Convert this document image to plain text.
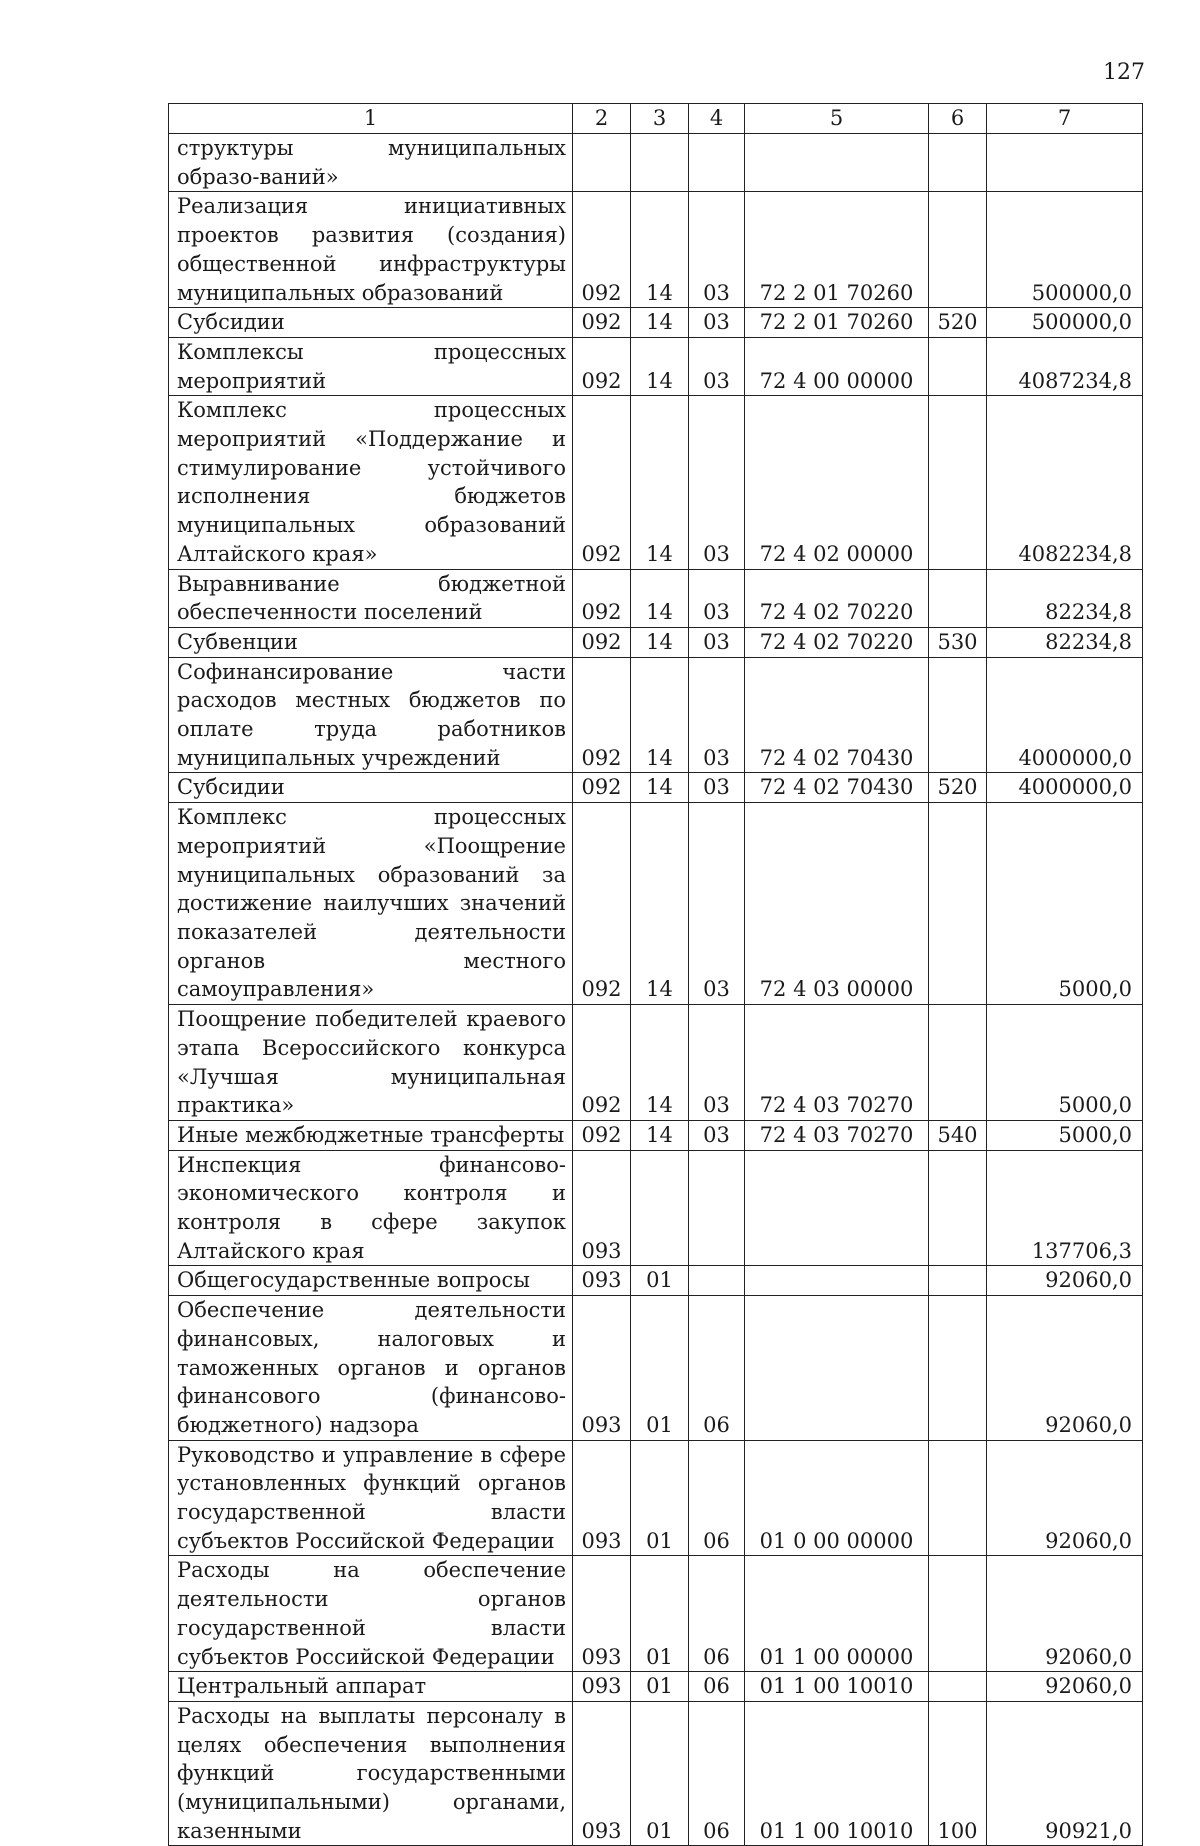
127
1	2	3	4	5	6	7
структуры муниципальных образо-ваний»						
Реализация инициативных проектов развития (создания) общественной инфраструктуры муниципальных образований	092	14	03	72 2 01 70260		500000,0
Субсидии	092	14	03	72 2 01 70260	520	500000,0
Комплексы процессных мероприятий	092	14	03	72 4 00 00000		4087234,8
Комплекс процессных мероприятий «Поддержание и стимулирование устойчивого исполнения бюджетов муниципальных образований Алтайского края»	092	14	03	72 4 02 00000		4082234,8
Выравнивание бюджетной обеспеченности поселений	092	14	03	72 4 02 70220		82234,8
Субвенции	092	14	03	72 4 02 70220	530	82234,8
Софинансирование части расходов местных бюджетов по оплате труда работников муниципальных учреждений	092	14	03	72 4 02 70430		4000000,0
Субсидии	092	14	03	72 4 02 70430	520	4000000,0
Комплекс процессных мероприятий «Поощрение муниципальных образований за достижение наилучших значений показателей деятельности органов местного самоуправления»	092	14	03	72 4 03 00000		5000,0
Поощрение победителей краевого этапа Всероссийского конкурса «Лучшая муниципальная практика»	092	14	03	72 4 03 70270		5000,0
Иные межбюджетные трансферты	092	14	03	72 4 03 70270	540	5000,0
Инспекция финансово-экономического контроля и контроля в сфере закупок Алтайского края	093					137706,3
Общегосударственные вопросы	093	01				92060,0
Обеспечение деятельности финансовых, налоговых и таможенных органов и органов финансового (финансово-бюджетного) надзора	093	01	06			92060,0
Руководство и управление в сфере установленных функций органов государственной власти субъектов Российской Федерации	093	01	06	01 0 00 00000		92060,0
Расходы на обеспечение деятельности органов государственной власти субъектов Российской Федерации	093	01	06	01 1 00 00000		92060,0
Центральный аппарат	093	01	06	01 1 00 10010		92060,0
Расходы на выплаты персоналу в целях обеспечения выполнения функций государственными (муниципальными) органами, казенными	093	01	06	01 1 00 10010	100	90921,0
